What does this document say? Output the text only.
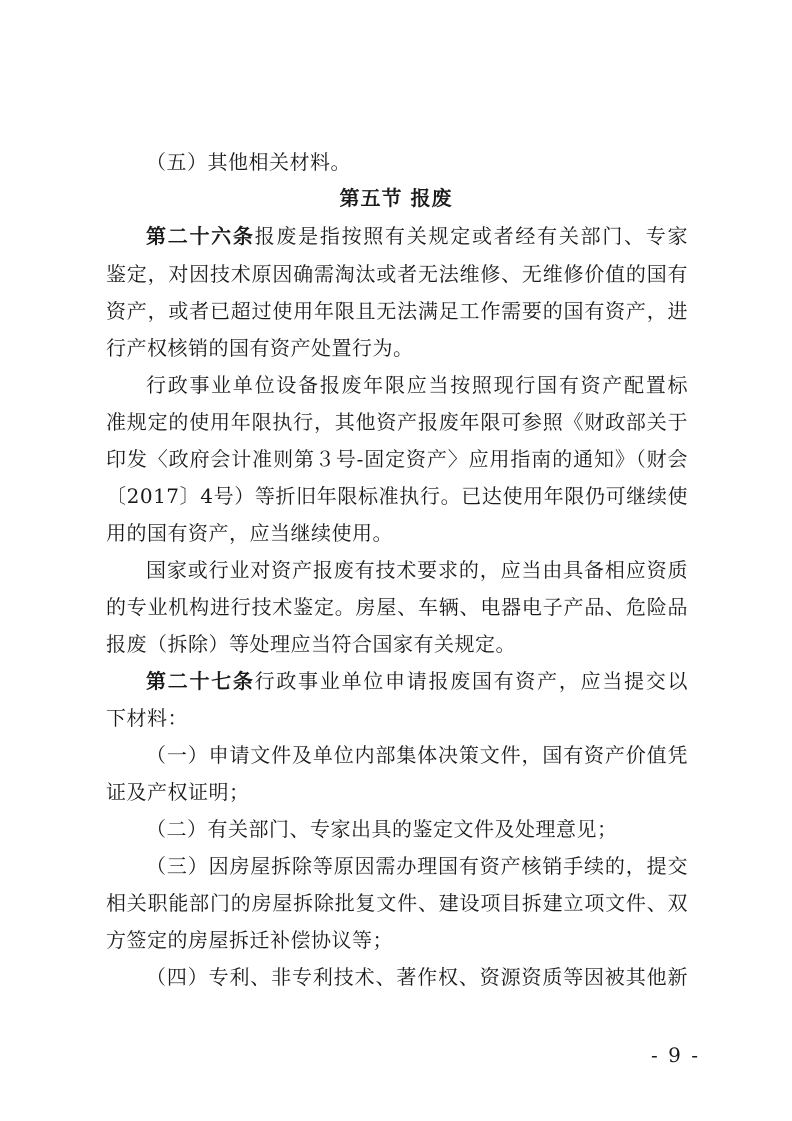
（五）其他相关材料。
第五节 报废
第二十六条报废是指按照有关规定或者经有关部门、专家
鉴定，对因技术原因确需淘汰或者无法维修、无维修价值的国有
资产，或者已超过使用年限且无法满足工作需要的国有资产，进
行产权核销的国有资产处置行为。
行政事业单位设备报废年限应当按照现行国有资产配置标
准规定的使用年限执行，其他资产报废年限可参照《财政部关于
印发〈政府会计准则第３号-固定资产〉应用指南的通知》（财会
〔2017〕4号）等折旧年限标准执行。已达使用年限仍可继续使
用的国有资产，应当继续使用。
国家或行业对资产报废有技术要求的，应当由具备相应资质
的专业机构进行技术鉴定。房屋、车辆、电器电子产品、危险品
报废（拆除）等处理应当符合国家有关规定。
第二十七条行政事业单位申请报废国有资产，应当提交以
下材料：
（一）申请文件及单位内部集体决策文件，国有资产价值凭
证及产权证明；
（二）有关部门、专家出具的鉴定文件及处理意见；
（三）因房屋拆除等原因需办理国有资产核销手续的，提交
相关职能部门的房屋拆除批复文件、建设项目拆建立项文件、双
方签定的房屋拆迁补偿协议等；
（四）专利、非专利技术、著作权、资源资质等因被其他新
- 9 -
